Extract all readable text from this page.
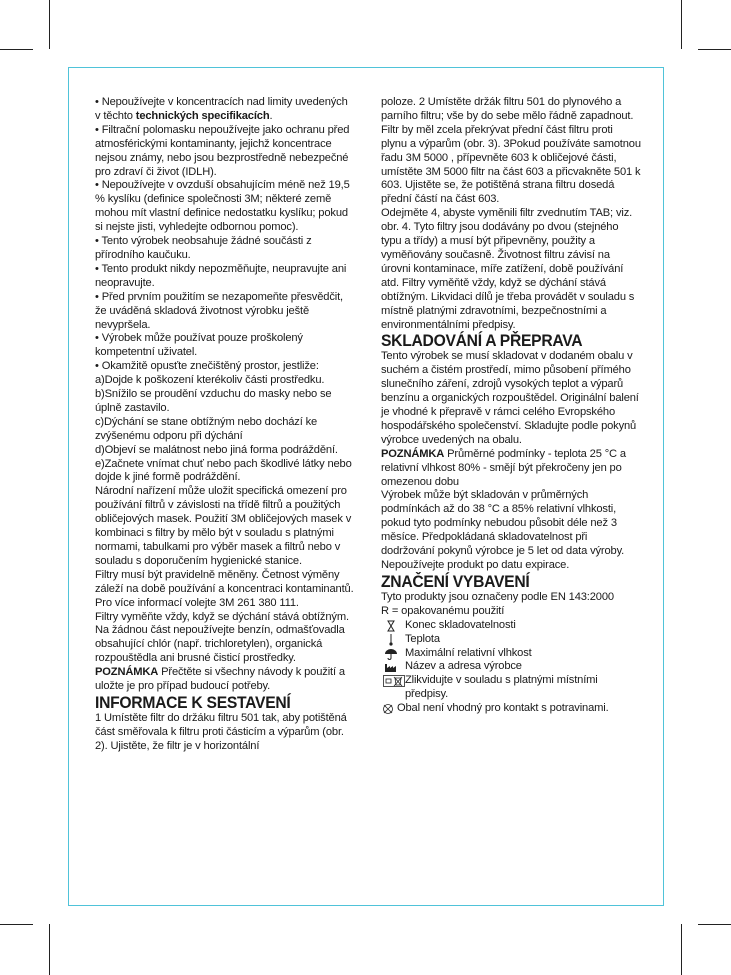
• Nepoužívejte v koncentracích nad limity uvedených v těchto technických specifikacích.

• Filtrační polomasku nepoužívejte jako ochranu před atmosférickými kontaminanty, jejichž koncentrace nejsou známy, nebo jsou bezprostředně nebezpečné pro zdraví či život (IDLH).

• Nepoužívejte v ovzduší obsahujícím méně než 19,5 % kyslíku (definice společnosti 3M; některé země mohou mít vlastní definice nedostatku kyslíku; pokud si nejste jisti, vyhledejte odbornou pomoc).

• Tento výrobek neobsahuje žádné součásti z přírodního kaučuku.

• Tento produkt nikdy nepozměňujte, neupravujte ani neopravujte.

• Před prvním použitím se nezapomeňte přesvědčit, že uváděná skladová životnost výrobku ještě nevypršela.

• Výrobek může používat pouze proškolený kompetentní uživatel.

• Okamžitě opusťte znečištěný prostor, jestliže:

a)Dojde k poškození kterékoliv části prostředku.

b)Snížilo se proudění vzduchu do masky nebo se úplně zastavilo.

c)Dýchání se stane obtížným nebo dochází ke zvýšenému odporu při dýchání

d)Objeví se malátnost nebo jiná forma podráždění.

e)Začnete vnímat chuť nebo pach škodlivé látky nebo dojde k jiné formě podráždění.

Národní nařízení může uložit specifická omezení pro používání filtrů v závislosti na třídě filtrů a použitých obličejových masek. Použití 3M obličejových masek v kombinaci s filtry by mělo být v souladu s platnými normami, tabulkami pro výběr masek a filtrů nebo v souladu s doporučením hygienické stanice.

Filtry musí být pravidelně měněny. Četnost výměny záleží na době používání a koncentraci kontaminantů.

Pro více informací volejte 3M 261 380 111.

Filtry vyměňte vždy, když se dýchání stává obtížným.

Na žádnou část nepoužívejte benzín, odmašťovadla obsahující chlór (např. trichloretylen), organická rozpouštědla ani brusné čisticí prostředky.

POZNÁMKA Přečtěte si všechny návody k použití a uložte je pro případ budoucí potřeby.

INFORMACE K SESTAVENÍ

1 Umístěte filtr do držáku filtru 501 tak, aby potištěná část směřovala k filtru proti částicím a výparům (obr. 2). Ujistěte, že filtr je v horizontální

poloze. 2 Umístěte držák filtru 501 do plynového a parního filtru; vše by do sebe mělo řádně zapadnout. Filtr by měl zcela překrývat přední část filtru proti plynu a výparům (obr. 3). 3Pokud používáte samotnou řadu 3M 5000 , přípevněte 603 k obličejové části, umístěte 3M 5000 filtr na část 603 a přicvakněte 501 k 603. Ujistěte se, že potištěná strana filtru dosedá přední částí na část 603.

Odejměte 4, abyste vyměnili filtr zvednutím TAB; viz. obr. 4. Tyto filtry jsou dodávány po dvou (stejného typu a třídy) a musí být připevněny, použity a vyměňovány současně. Životnost filtru závisí na úrovni kontaminace, míře zatížení, době používání atd. Filtry vyměňtě vždy, když se dýchání stává obtížným. Likvidaci dílů je třeba provádět v souladu s místně platnými zdravotními, bezpečnostními a environmentálními předpisy.

SKLADOVÁNÍ A PŘEPRAVA

Tento výrobek se musí skladovat v dodaném obalu v suchém a čistém prostředí, mimo působení přímého slunečního záření, zdrojů vysokých teplot a výparů benzínu a organických rozpouštědel. Originální balení je vhodné k přepravě v rámci celého Evropského hospodářského společenství. Skladujte podle pokynů výrobce uvedených na obalu.

POZNÁMKA Průměrné podmínky - teplota 25 °C a relativní vlhkost 80% - smějí být překročeny jen po omezenou dobu

Výrobek může být skladován v průměrných podmínkách až do 38 °C a 85% relativní vlhkosti, pokud tyto podmínky nebudou působit déle než 3 měsíce. Předpokládaná skladovatelnost při dodržování pokynů výrobce je 5 let od data výroby. Nepoužívejte produkt po datu expirace.

ZNAČENÍ VYBAVENÍ

Tyto produkty jsou označeny podle EN 143:2000

R = opakovanému použití

Konec skladovatelnosti

Teplota

Maximální relativní vlhkost

Název a adresa výrobce

Zlikvidujte v souladu s platnými místními předpisy.

Obal není vhodný pro kontakt s potravinami.
